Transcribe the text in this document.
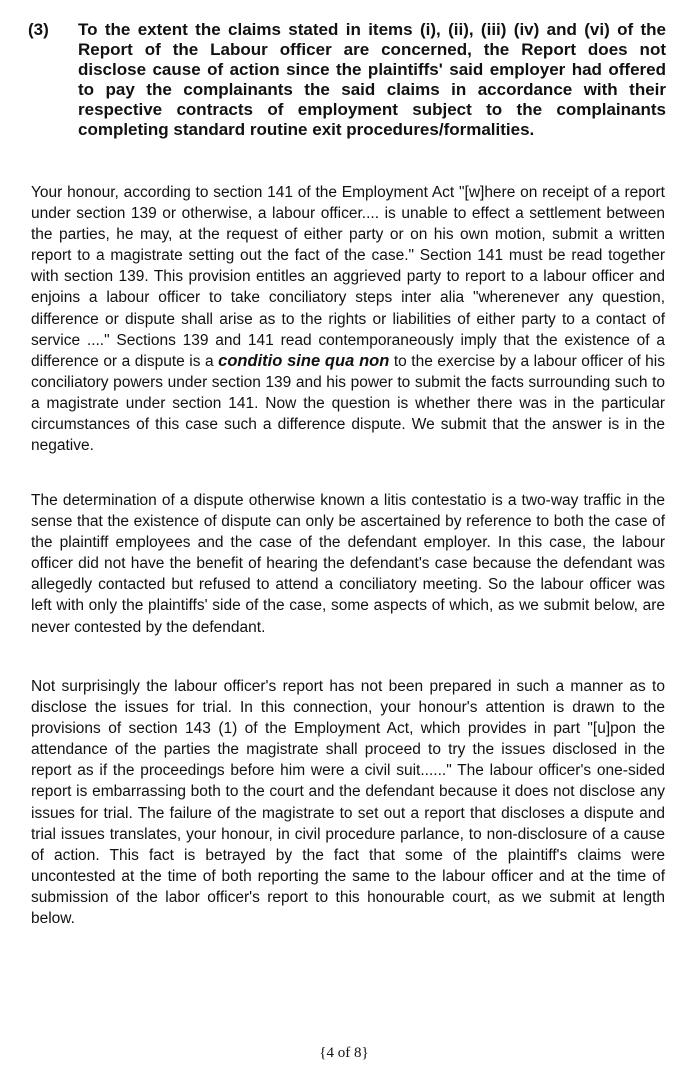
(3)	To the extent the claims stated in items (i), (ii), (iii) (iv) and (vi) of the Report of the Labour officer are concerned, the Report does not disclose cause of action since the plaintiffs' said employer had offered to pay the complainants the said claims in accordance with their respective contracts of employment subject to the complainants completing standard routine exit procedures/formalities.
Your honour, according to section 141 of the Employment Act "[w]here on receipt of a report under section 139 or otherwise, a labour officer.... is unable to effect a settlement between the parties, he may, at the request of either party or on his own motion, submit a written report to a magistrate setting out the fact of the case." Section 141 must be read together with section 139. This provision entitles an aggrieved party to report to a labour officer and enjoins a labour officer to take conciliatory steps inter alia "wherenever any question, difference or dispute shall arise as to the rights or liabilities of either party to a contact of service ...." Sections 139 and 141 read contemporaneously imply that the existence of a difference or a dispute is a conditio sine qua non to the exercise by a labour officer of his conciliatory powers under section 139 and his power to submit the facts surrounding such to a magistrate under section 141. Now the question is whether there was in the particular circumstances of this case such a difference dispute. We submit that the answer is in the negative.
The determination of a dispute otherwise known a litis contestatio is a two-way traffic in the sense that the existence of dispute can only be ascertained by reference to both the case of the plaintiff employees and the case of the defendant employer. In this case, the labour officer did not have the benefit of hearing the defendant's case because the defendant was allegedly contacted but refused to attend a conciliatory meeting. So the labour officer was left with only the plaintiffs' side of the case, some aspects of which, as we submit below, are never contested by the defendant.
Not surprisingly the labour officer's report has not been prepared in such a manner as to disclose the issues for trial. In this connection, your honour's attention is drawn to the provisions of section 143 (1) of the Employment Act, which provides in part "[u]pon the attendance of the parties the magistrate shall proceed to try the issues disclosed in the report as if the proceedings before him were a civil suit......" The labour officer's one-sided report is embarrassing both to the court and the defendant because it does not disclose any issues for trial. The failure of the magistrate to set out a report that discloses a dispute and trial issues translates, your honour, in civil procedure parlance, to non-disclosure of a cause of action. This fact is betrayed by the fact that some of the plaintiff's claims were uncontested at the time of both reporting the same to the labour officer and at the time of submission of the labor officer's report to this honourable court, as we submit at length below.
{4 of 8}
